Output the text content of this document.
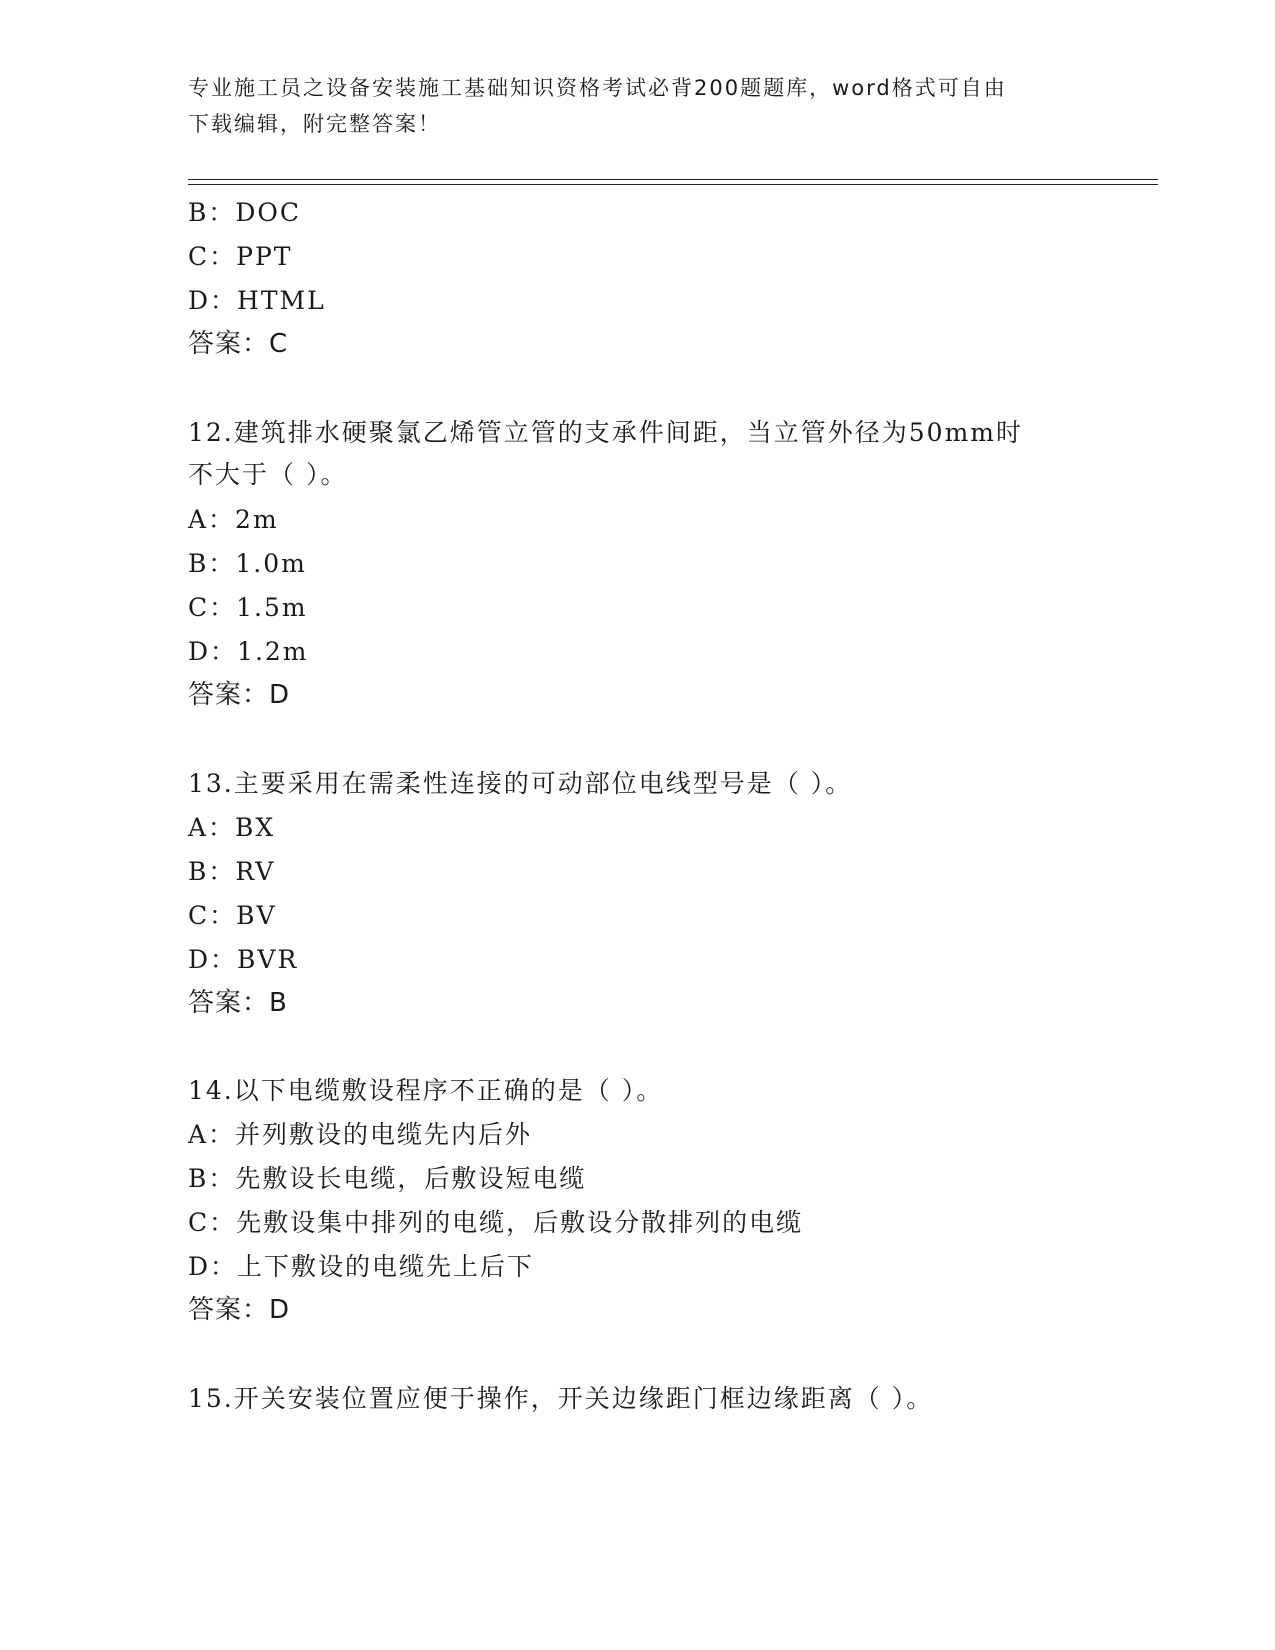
专业施工员之设备安装施工基础知识资格考试必背200题题库，word格式可自由
下载编辑，附完整答案！
B：DOC
C：PPT
D：HTML
答案：C
12.建筑排水硬聚氯乙烯管立管的支承件间距，当立管外径为50mm时
不大于（ ）。
A：2m
B：1.0m
C：1.5m
D：1.2m
答案：D
13.主要采用在需柔性连接的可动部位电线型号是（ ）。
A：BX
B：RV
C：BV
D：BVR
答案：B
14.以下电缆敷设程序不正确的是（ ）。
A：并列敷设的电缆先内后外
B：先敷设长电缆，后敷设短电缆
C：先敷设集中排列的电缆，后敷设分散排列的电缆
D：上下敷设的电缆先上后下
答案：D
15.开关安装位置应便于操作，开关边缘距门框边缘距离（ ）。
